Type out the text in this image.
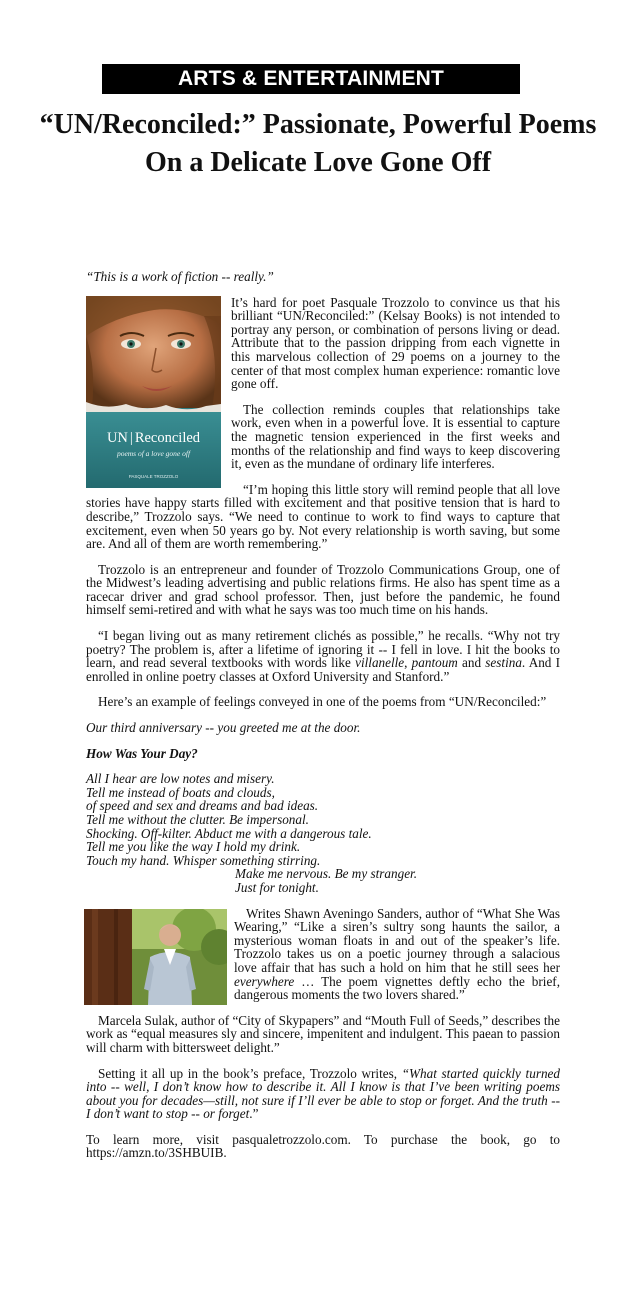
ARTS & ENTERTAINMENT
“UN/Reconciled:” Passionate, Powerful Poems
On a Delicate Love Gone Off

“This is a work of fiction -- really.”

UN | Reconciled
poems of a love gone off
PASQUALE TROZZOLO
It’s hard for poet Pasquale Trozzolo to convince us that his brilliant “UN/Reconciled:” (Kelsay Books) is not intended to portray any person, or combination of persons living or dead. Attribute that to the passion dripping from each vignette in this marvelous collection of 29 poems on a journey to the center of that most complex human experience: romantic love gone off.

The collection reminds couples that relationships take work, even when in a powerful love. It is essential to capture the magnetic tension experienced in the first weeks and months of the relationship and find ways to keep discovering it, even as the mundane of ordinary life interferes.

“I’m hoping this little story will remind people that all love stories have happy starts filled with excitement and that positive tension that is hard to describe,” Trozzolo says. “We need to continue to work to find ways to capture that excitement, even when 50 years go by. Not every relationship is worth saving, but some are. And all of them are worth remembering.”

Trozzolo is an entrepreneur and founder of Trozzolo Communications Group, one of the Midwest’s leading advertising and public relations firms. He also has spent time as a racecar driver and grad school professor. Then, just before the pandemic, he found himself semi-retired and with what he says was too much time on his hands.

“I began living out as many retirement clichés as possible,” he recalls. “Why not try poetry? The problem is, after a lifetime of ignoring it -- I fell in love. I hit the books to learn, and read several textbooks with words like villanelle, pantoum and sestina. And I enrolled in online poetry classes at Oxford University and Stanford.”

Here’s an example of feelings conveyed in one of the poems from “UN/Reconciled:”

Our third anniversary -- you greeted me at the door.

How Was Your Day?

All I hear are low notes and misery.
Tell me instead of boats and clouds,
of speed and sex and dreams and bad ideas.
Tell me without the clutter. Be impersonal.
Shocking. Off-kilter. Abduct me with a dangerous tale.
Tell me you like the way I hold my drink.
Touch my hand. Whisper something stirring.
Make me nervous. Be my stranger.
Just for tonight.

Writes Shawn Aveningo Sanders, author of “What She Was Wearing,” “Like a siren’s sultry song haunts the sailor, a mysterious woman floats in and out of the speaker’s life. Trozzolo takes us on a poetic journey through a salacious love affair that has such a hold on him that he still sees her everywhere … The poem vignettes deftly echo the brief, dangerous moments the two lovers shared.”

Marcela Sulak, author of “City of Skypapers” and “Mouth Full of Seeds,” describes the work as “equal measures sly and sincere, impenitent and indulgent. This paean to passion will charm with bittersweet delight.”

Setting it all up in the book’s preface, Trozzolo writes, “What started quickly turned into -- well, I don’t know how to describe it. All I know is that I’ve been writing poems about you for decades—still, not sure if I’ll ever be able to stop or forget. And the truth -- I don’t want to stop -- or forget.”

To learn more, visit pasqualetrozzolo.com. To purchase the book, go to https://amzn.to/3SHBUIB.
